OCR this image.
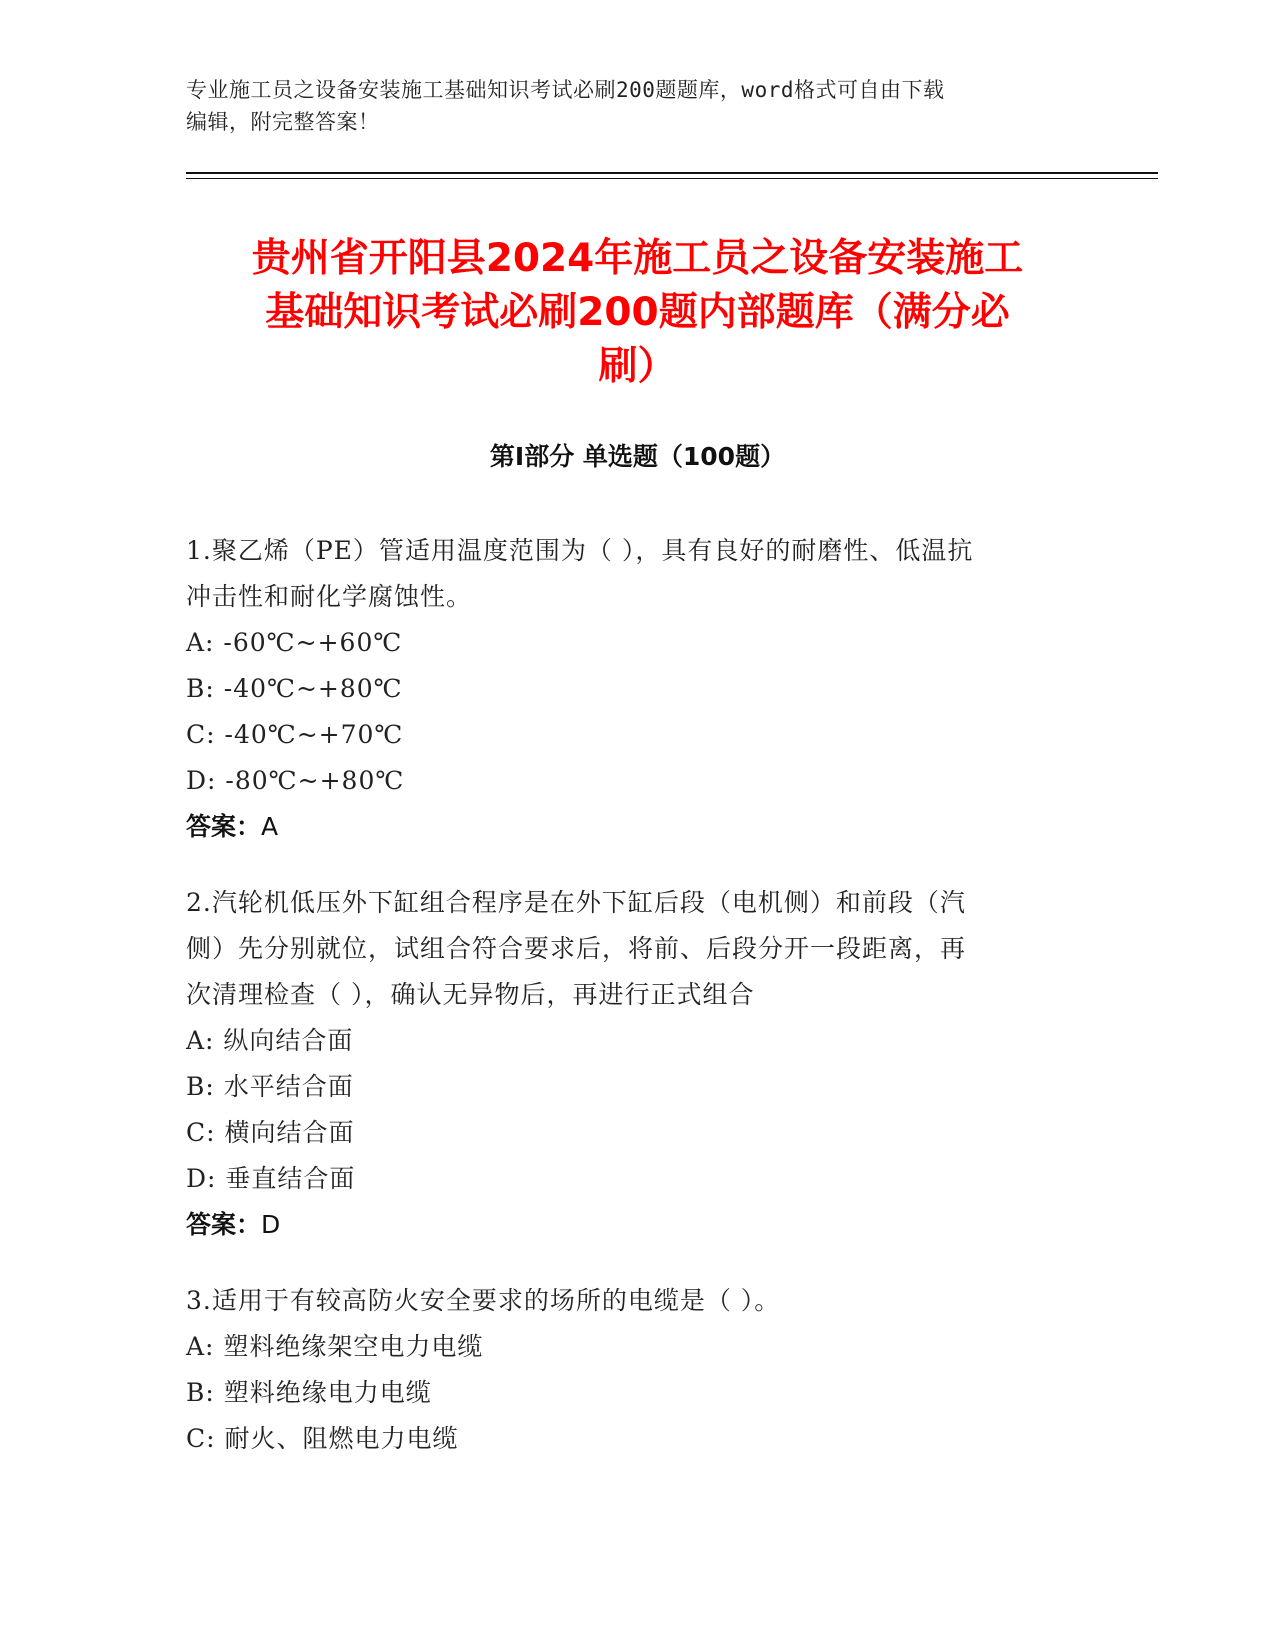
专业施工员之设备安装施工基础知识考试必刷200题题库，word格式可自由下载
编辑，附完整答案！
贵州省开阳县2024年施工员之设备安装施工
基础知识考试必刷200题内部题库（满分必
刷）
第Ⅰ部分 单选题（100题）
1.聚乙烯（PE）管适用温度范围为（ ），具有良好的耐磨性、低温抗
冲击性和耐化学腐蚀性。
A: -60℃~+60℃
B: -40℃~+80℃
C: -40℃~+70℃
D: -80℃~+80℃
答案：A
2.汽轮机低压外下缸组合程序是在外下缸后段（电机侧）和前段（汽
侧）先分别就位，试组合符合要求后，将前、后段分开一段距离，再
次清理检查（ ），确认无异物后，再进行正式组合
A: 纵向结合面
B: 水平结合面
C: 横向结合面
D: 垂直结合面
答案：D
3.适用于有较高防火安全要求的场所的电缆是（ ）。
A: 塑料绝缘架空电力电缆
B: 塑料绝缘电力电缆
C: 耐火、阻燃电力电缆
